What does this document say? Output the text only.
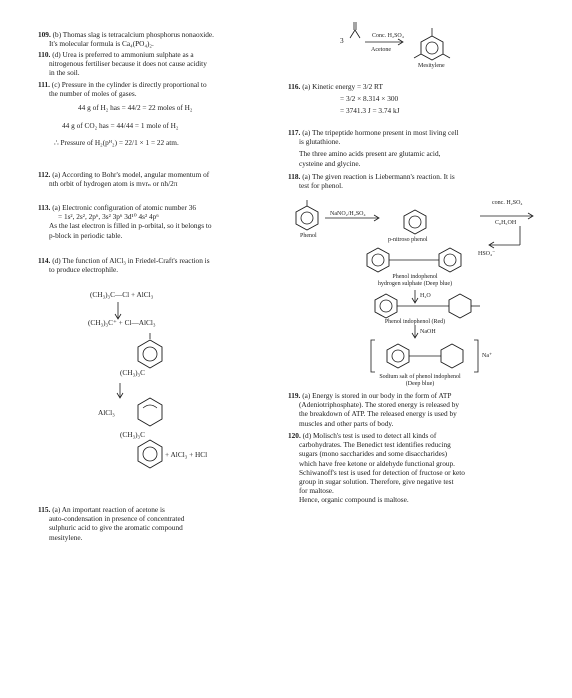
109. (b) Thomas slag is tetracalcium phosphorus nonaoxide.
It's molecular formula is Ca₄(PO₄)₂.
110. (d) Urea is preferred to ammonium sulphate as a
nitrogenous fertiliser because it does not cause acidity
in the soil.
111. (c) Pressure in the cylinder is directly proportional to
the number of moles of gases.
44 g of H₂ has = 44/2 = 22 moles of H₂
44 g of CO₂ has = 44/44 = 1 mole of H₂
∴ Pressure of H₂(pᴴ₂) = 22/1 × 1 = 22 atm.
112. (a) According to Bohr's model, angular momentum of
nth orbit of hydrogen atom is mvrₙ or nh/2π
113. (a) Electronic configuration of atomic number 36
= 1s², 2s², 2p⁶, 3s² 3p⁶ 3d¹⁰ 4s² 4p⁶
As the last electron is filled in p-orbital, so it belongs to
p-block in periodic table.
114. (d) The function of AlCl₃ in Friedel-Craft's reaction is
to produce electrophile.
(CH₃)₃C—Cl + AlCl₃
(CH₃)₃C⁺ + Cl—AlCl₃
(CH₃)₃C
AlCl₃
(CH₃)₃C
+ AlCl₃ + HCl
115. (a) An important reaction of acetone is
auto-condensation in presence of concentrated
sulphuric acid to give the aromatic compound
mesitylene.
3	Conc. H₂SO₄
Acetone
Mesitylene
116. (a) Kinetic energy = 3/2 RT
= 3/2 × 8.314 × 300
= 3741.3 J = 3.74 kJ
117. (a) The tripeptide hormone present in most living cell
is glutathione.
The three amino acids present are glutamic acid,
cysteine and glycine.
118. (a) The given reaction is Liebermann's reaction. It is
test for phenol.
Phenol
NaNO₂/H₂SO₄
p-nitroso phenol
conc. H₂SO₄
C₆H₅OH
HSO₄⁻
Phenol indophenol
hydrogen sulphate (Deep blue)
H₂O
Phenol indophenol (Red)
NaOH
Na⁺
Sodium salt of phenol indophenol
(Deep blue)
119. (a) Energy is stored in our body in the form of ATP
(Adeniotriphosphate). The stored energy is released by
the breakdown of ATP. The released energy is used by
muscles and other parts of body.
120. (d) Molisch's test is used to detect all kinds of
carbohydrates. The Benedict test identifies reducing
sugars (mono saccharides and some disaccharides)
which have free ketone or aldehyde functional group.
Schiwanoff's test is used for detection of fructose or keto
group in sugar solution. Therefore, give negative test
for maltose.
Hence, organic compound is maltose.
